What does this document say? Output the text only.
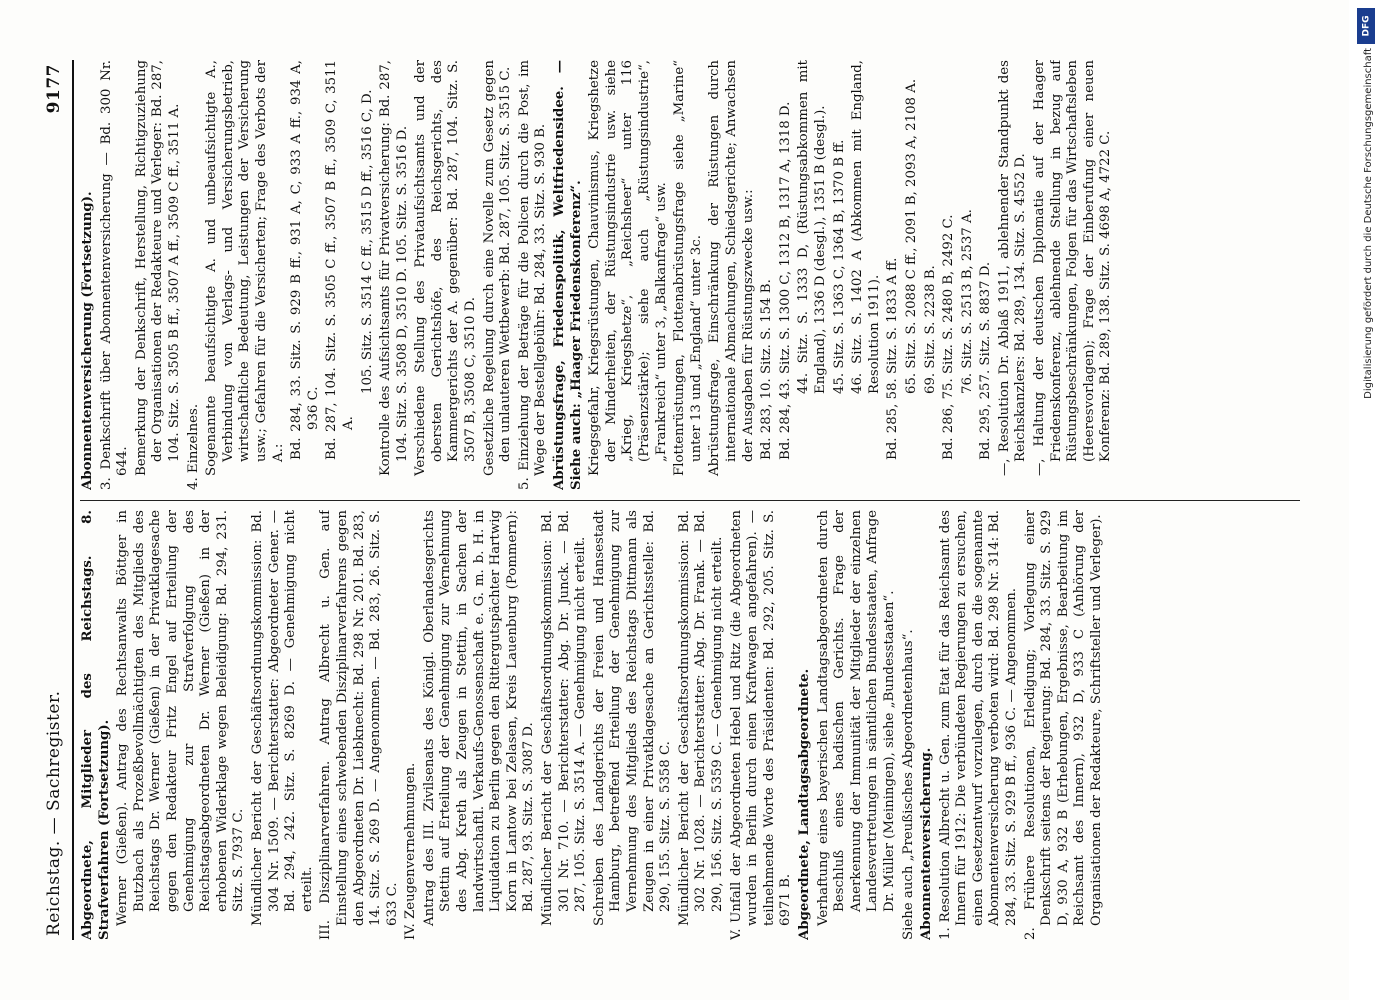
Reichstag. — Sachregister.
9177
Abgeordnete, Mitglieder des Reichstags. 8. Strafverfahren (Fortsetzung). Werner (Gießen). Antrag des Rechtsanwalts Böttger in Butzbach als Prozeßbevollmächtigten des Mitglieds des Reichstags Dr. Werner (Gießen) in der Privatklagesache gegen den Redakteur Fritz Engel auf Erteilung der Genehmigung zur Strafverfolgung des Reichstagsabgeordneten Dr. Werner (Gießen) in der erhobenen Widerklage wegen Beleidigung: Bd. 294, 231. Sitz. S. 7937 C. Mündlicher Bericht der Geschäftsordnungskommission: Bd. 304 Nr. 1509. — Berichterstatter: Abgeordneter Gener. — Bd. 294, 242. Sitz. S. 8269 D. — Genehmigung nicht erteilt. III. Disziplinarverfahren. Antrag Albrecht u. Gen. auf Einstellung eines schwebenden Disziplinarverfahrens gegen den Abgeordneten Dr. Liebknecht: Bd. 298 Nr. 201. Bd. 283, 14. Sitz. S. 269 D. — Angenommen. — Bd. 283, 26. Sitz. S. 633 C. IV. Zeugenvernehmungen. Antrag des III. Zivilsenats des Königl. Oberlandesgerichts Stettin auf Erteilung der Genehmigung zur Vernehmung des Abg. Kreth als Zeugen in Stettin, in Sachen der landwirtschaftl. Verkaufs-Genossenschaft e. G. m. b. H. in Liquidation zu Berlin gegen den Rittergutspächter Hartwig Korn in Lantow bei Zelasen, Kreis Lauenburg (Pommern): Bd. 287, 93. Sitz. S. 3087 D. Mündlicher Bericht der Geschäftsordnungskommission: Bd. 301 Nr. 710. — Berichterstatter: Abg. Dr. Junck. — Bd. 287, 105. Sitz. S. 3514 A. — Genehmigung nicht erteilt. Schreiben des Landgerichts der Freien und Hansestadt Hamburg, betreffend Erteilung der Genehmigung zur Vernehmung des Mitglieds des Reichstags Dittmann als Zeugen in einer Privatklagesache an Gerichtsstelle: Bd. 290, 155. Sitz. S. 5358 C. Mündlicher Bericht der Geschäftsordnungskommission: Bd. 302 Nr. 1028. — Berichterstatter: Abg. Dr. Frank. — Bd. 290, 156. Sitz. S. 5359 C. — Genehmigung nicht erteilt. V. Unfall der Abgeordneten Hebel und Ritz (die Abgeordneten wurden in Berlin durch einen Kraftwagen angefahren). — teilnehmende Worte des Präsidenten: Bd. 292, 205. Sitz. S. 6971 B. Abgeordnete, Landtagsabgeordnete. Verhaftung eines bayerischen Landtagsabgeordneten durch Beschluß eines badischen Gerichts. Frage der Anerkennung der Immunität der Mitglieder der einzelnen Landesvertretungen in sämtlichen Bundesstaaten, Anfrage Dr. Müller (Meiningen), siehe „Bundesstaaten“. Siehe auch „Preußisches Abgeordnetenhaus“. Abonnentenversicherung. 1. Resolution Albrecht u. Gen. zum Etat für das Reichsamt des Innern für 1912: Die verbündeten Regierungen zu ersuchen, einen Gesetzentwurf vorzulegen, durch den die sogenannte Abonnentenversicherung verboten wird: Bd. 298 Nr. 314: Bd. 284, 33. Sitz. S. 929 B ff., 936 C. — Angenommen. 2. Frühere Resolutionen, Erledigung; Vorlegung einer Denkschrift seitens der Regierung: Bd. 284, 33. Sitz. S. 929 D, 930 A, 932 B (Erhebungen, Ergebnisse, Bearbeitung im Reichsamt des Innern), 932 D, 933 C (Anhörung der Organisationen der Redakteure, Schriftsteller und Verleger).
Abonnentenversicherung (Fortsetzung). 3. Denkschrift über Abonnentenversicherung — Bd. 300 Nr. 644. Bemerkung der Denkschrift, Herstellung, Richtigzuziehung der Organisationen der Redakteure und Verleger: Bd. 287, 104. Sitz. S. 3505 B ff., 3507 A ff., 3509 C ff., 3511 A. 4. Einzelnes. Sogenannte beaufsichtigte A. und unbeaufsichtigte A., Verbindung von Verlags- und Versicherungsbetrieb, wirtschaftliche Bedeutung, Leistungen der Versicherung usw.; Gefahren für die Versicherten; Frage des Verbots der A.: Bd. 284, 33. Sitz. S. 929 B ff., 931 A, C, 933 A ff., 934 A, 936 C. Bd. 287, 104. Sitz. S. 3505 C ff., 3507 B ff., 3509 C, 3511 A.
105. Sitz. S. 3514 C ff., 3515 D ff., 3516 C, D. Kontrolle des Aufsichtsamts für Privatversicherung: Bd. 287, 104. Sitz. S. 3508 D, 3510 D. 105. Sitz. S. 3516 D. Verschiedene Stellung des Privataufsichtsamts und der obersten Gerichtshöfe, des Reichsgerichts, des Kammergerichts der A. gegenüber: Bd. 287, 104. Sitz. S. 3507 B, 3508 C, 3510 D. Gesetzliche Regelung durch eine Novelle zum Gesetz gegen den unlauteren Wettbewerb: Bd. 287, 105. Sitz. S. 3515 C. 5. Einziehung der Beträge für die Policen durch die Post, im Wege der Bestellgebühr: Bd. 284, 33. Sitz. S. 930 B. Abrüstungsfrage, Friedenspolitik, Weltfriedensidee. — Siehe auch: „Haager Friedenskonferenz“. Kriegsgefahr, Kriegsrüstungen, Chauvinismus, Kriegshetze der Minderheiten, der Rüstungsindustrie usw. siehe „Krieg, Kriegshetze“, „Reichsheer“ unter 116 (Präsenzstärke); siehe auch „Rüstungsindustrie“, „Frankreich“ unter 3, „Balkanfrage“ usw. Flottenrüstungen, Flottenabrüstungsfrage siehe „Marine“ unter 13 und „England“ unter 3c. Abrüstungsfrage, Einschränkung der Rüstungen durch internationale Abmachungen, Schiedsgerichte; Anwachsen der Ausgaben für Rüstungszwecke usw.: Bd. 283, 10. Sitz. S. 154 B. Bd. 284, 43. Sitz. S. 1300 C, 1312 B, 1317 A, 1318 D. 44. Sitz. S. 1333 D, (Rüstungsabkommen mit England), 1336 D (desgl.), 1351 B (desgl.). 45. Sitz. S. 1363 C, 1364 B, 1370 B ff. 46. Sitz. S. 1402 A (Abkommen mit England, Resolution 1911). Bd. 285, 58. Sitz. S. 1833 A ff. 65. Sitz. S. 2088 C ff., 2091 B, 2093 A, 2108 A. 69. Sitz. S. 2238 B. Bd. 286, 75. Sitz. S. 2480 B, 2492 C. 76. Sitz. S. 2513 B, 2537 A. Bd. 295, 257. Sitz. S. 8837 D. —, Resolution Dr. Ablaß 1911, ablehnender Standpunkt des Reichskanzlers: Bd. 289, 134. Sitz. S. 4552 D. —, Haltung der deutschen Diplomatie auf der Haager Friedenskonferenz, ablehnende Stellung in bezug auf Rüstungsbeschränkungen, Folgen für das Wirtschaftsleben (Heeresvorlagen); Frage der Einberufung einer neuen Konferenz: Bd. 289, 138. Sitz. S. 4698 A, 4722 C.
DFG
Digitalisierung gefördert durch die Deutsche Forschungsgemeinschaft
